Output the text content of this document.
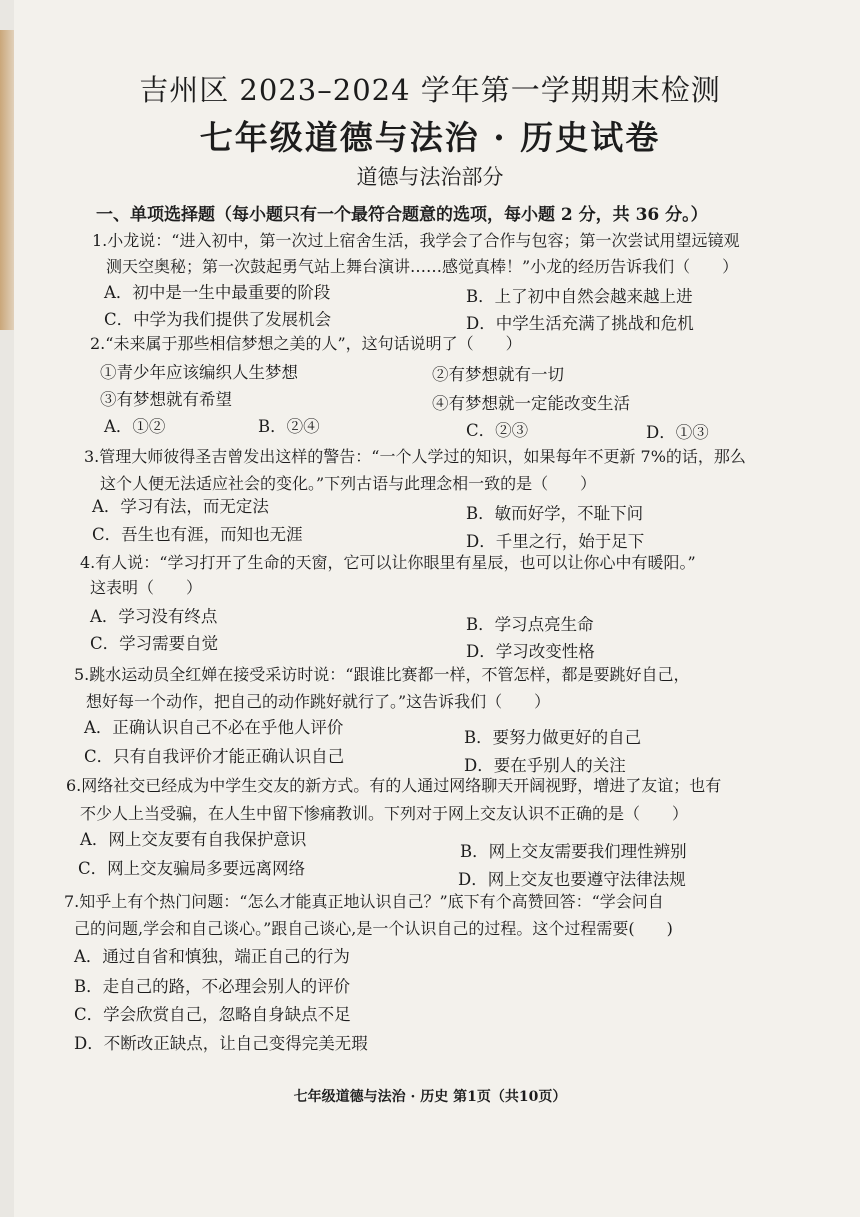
吉州区 2023–2024 学年第一学期期末检测
七年级道德与法治 · 历史试卷
道德与法治部分
一、单项选择题（每小题只有一个最符合题意的选项，每小题 2 分，共 36 分。）
1.小龙说：“进入初中，第一次过上宿舍生活，我学会了合作与包容；第一次尝试用望远镜观
测天空奥秘；第一次鼓起勇气站上舞台演讲……感觉真棒！”小龙的经历告诉我们（　　）
A．初中是一生中最重要的阶段	B．上了初中自然会越来越上进
C．中学为我们提供了发展机会	D．中学生活充满了挑战和危机
2.“未来属于那些相信梦想之美的人”，这句话说明了（　　）
①青少年应该编织人生梦想	②有梦想就有一切
③有梦想就有希望	④有梦想就一定能改变生活
A．①②	B．②④	C．②③	D．①③
3.管理大师彼得圣吉曾发出这样的警告：“一个人学过的知识，如果每年不更新 7%的话，那么
这个人便无法适应社会的变化。”下列古语与此理念相一致的是（　　）
A．学习有法，而无定法	B．敏而好学，不耻下问
C．吾生也有涯，而知也无涯	D．千里之行，始于足下
4.有人说：“学习打开了生命的天窗，它可以让你眼里有星辰，也可以让你心中有暖阳。”
这表明（　　）
A．学习没有终点	B．学习点亮生命
C．学习需要自觉	D．学习改变性格
5.跳水运动员全红婵在接受采访时说：“跟谁比赛都一样，不管怎样，都是要跳好自己，
想好每一个动作，把自己的动作跳好就行了。”这告诉我们（　　）
A．正确认识自己不必在乎他人评价
B．要努力做更好的自己
C．只有自我评价才能正确认识自己	D．要在乎别人的关注
6.网络社交已经成为中学生交友的新方式。有的人通过网络聊天开阔视野，增进了友谊；也有
不少人上当受骗，在人生中留下惨痛教训。下列对于网上交友认识不正确的是（　　）
A．网上交友要有自我保护意识
B．网上交友需要我们理性辨别
C．网上交友骗局多要远离网络
D．网上交友也要遵守法律法规
7.知乎上有个热门问题：“怎么才能真正地认识自己？”底下有个高赞回答：“学会问自
己的问题,学会和自己谈心。”跟自己谈心,是一个认识自己的过程。这个过程需要(　　)
A．通过自省和慎独，端正自己的行为
B．走自己的路，不必理会别人的评价
C．学会欣赏自己，忽略自身缺点不足
D．不断改正缺点，让自己变得完美无瑕
七年级道德与法治 · 历史 第1页（共10页）
